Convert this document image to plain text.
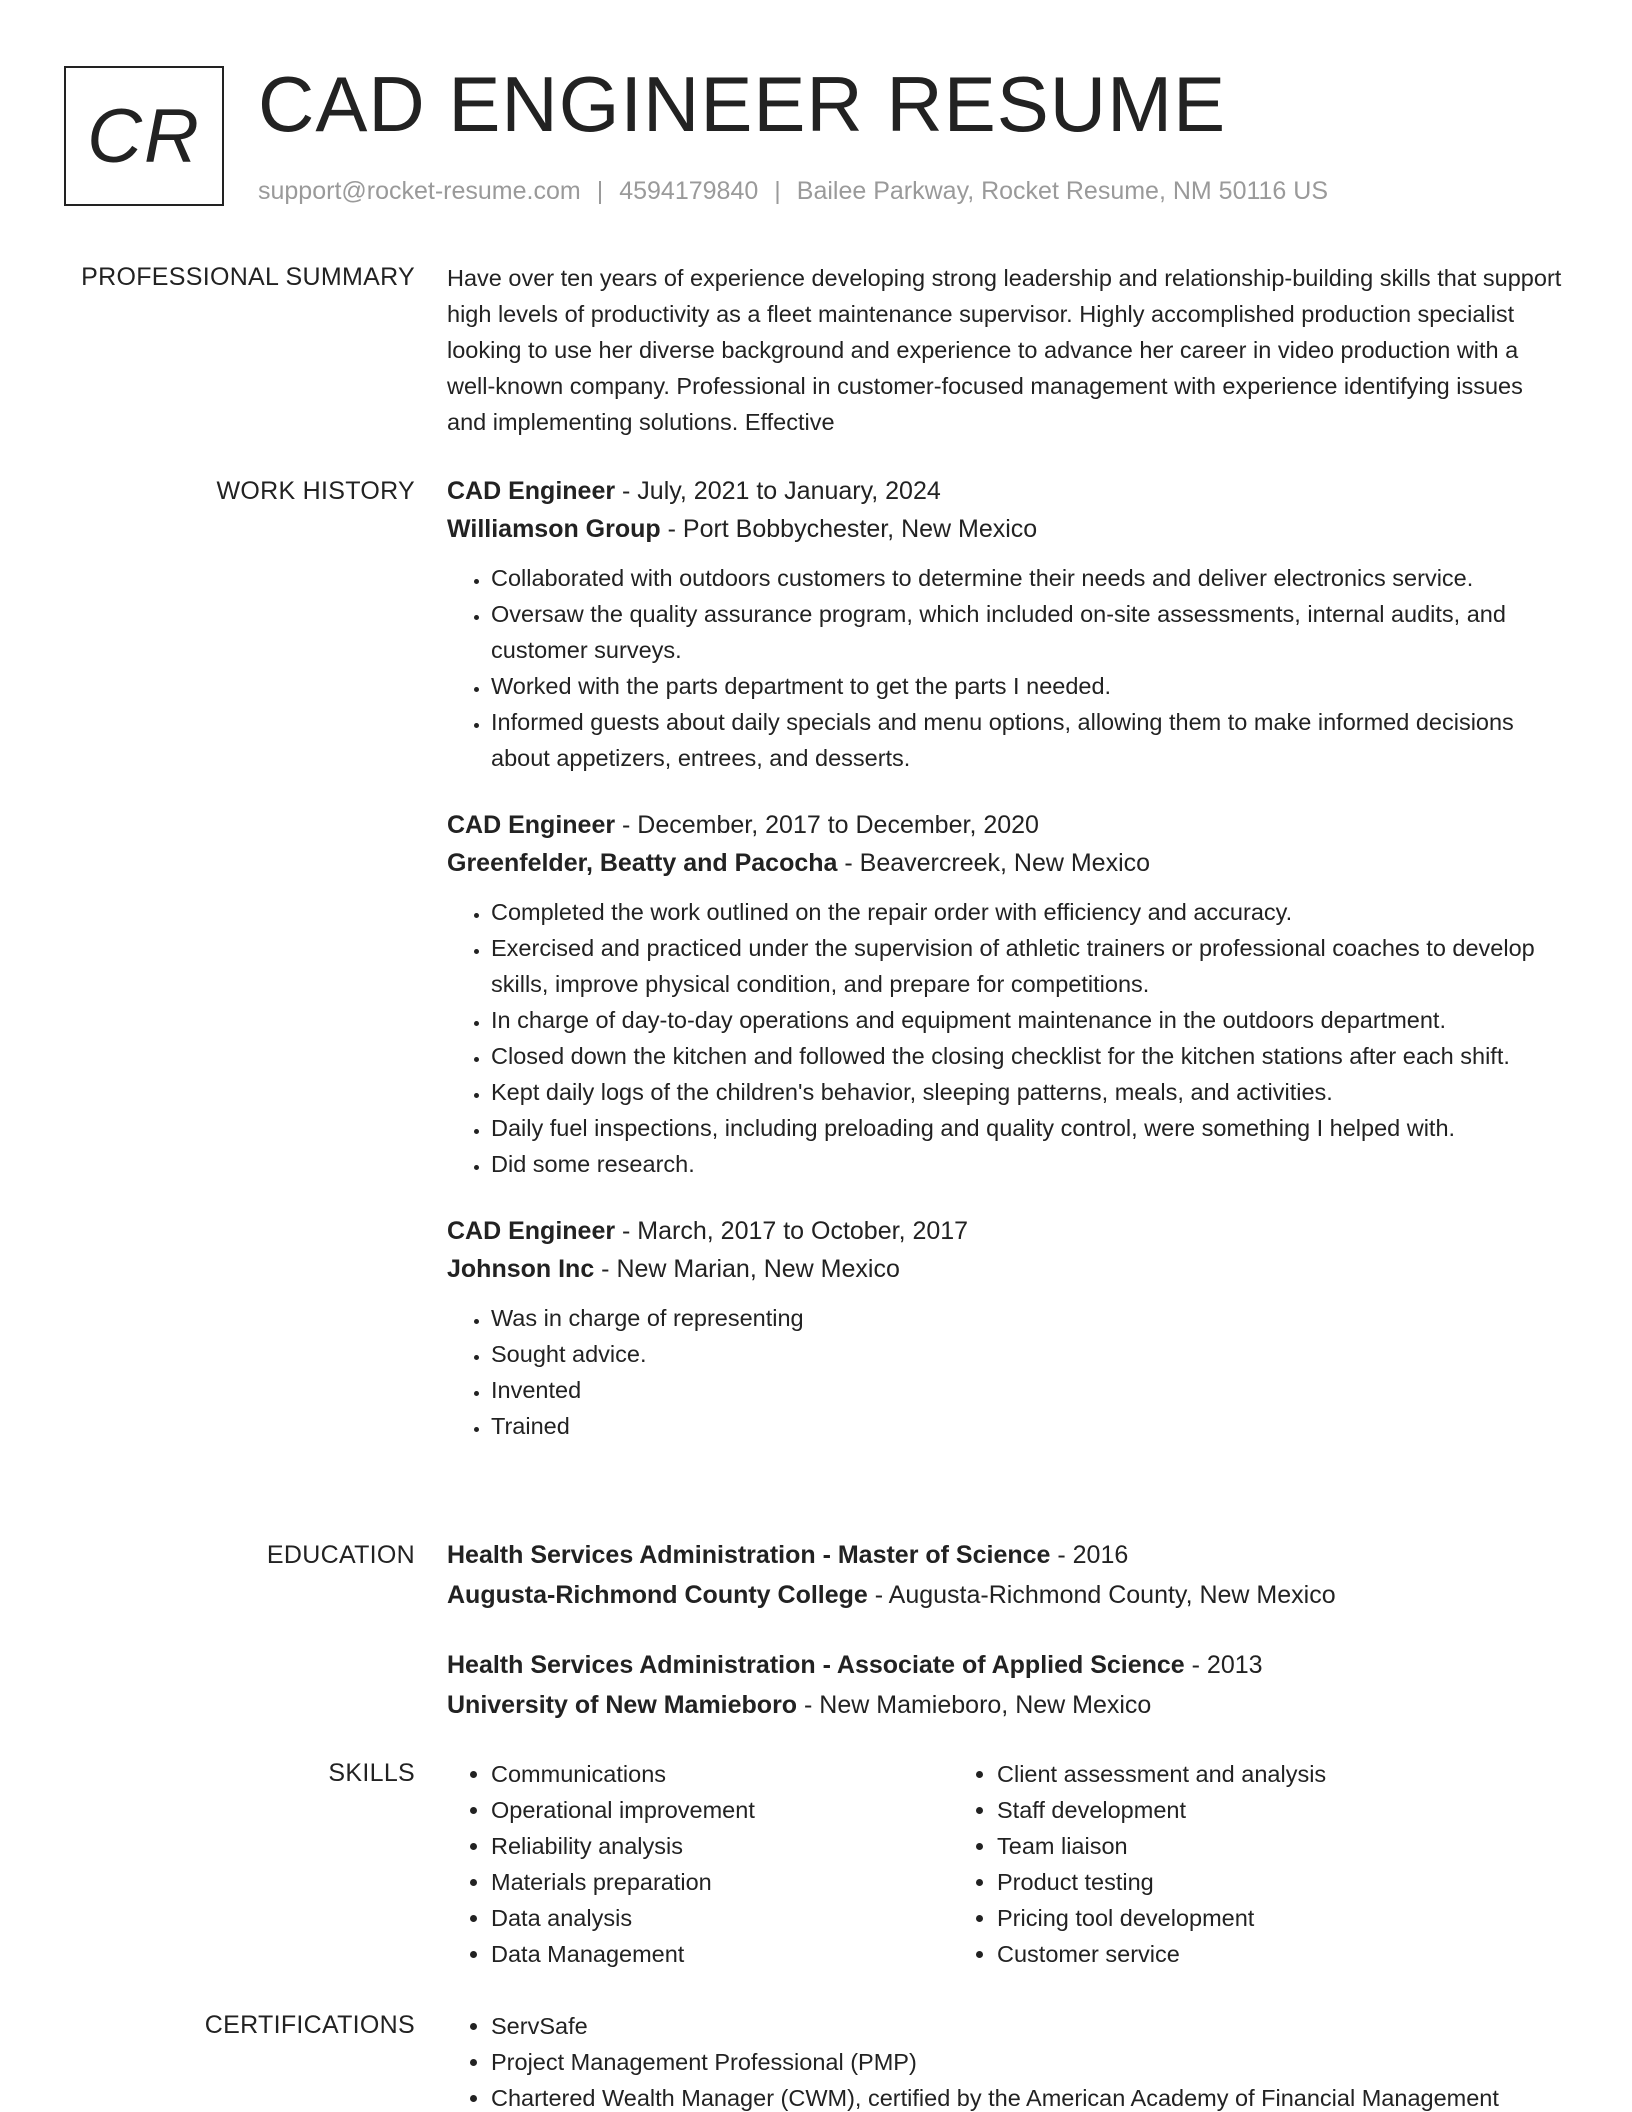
CR CAD ENGINEER RESUME
support@rocket-resume.com | 4594179840 | Bailee Parkway, Rocket Resume, NM 50116 US
PROFESSIONAL SUMMARY Have over ten years of experience developing strong leadership and relationship-building skills that support high levels of productivity as a fleet maintenance supervisor. Highly accomplished production specialist looking to use her diverse background and experience to advance her career in video production with a well-known company. Professional in customer-focused management with experience identifying issues and implementing solutions. Effective

WORK HISTORY CAD Engineer - July, 2021 to January, 2024
Williamson Group - Port Bobbychester, New Mexico
• Collaborated with outdoors customers to determine their needs and deliver electronics service.
• Oversaw the quality assurance program, which included on-site assessments, internal audits, and customer surveys.
• Worked with the parts department to get the parts I needed.
• Informed guests about daily specials and menu options, allowing them to make informed decisions about appetizers, entrees, and desserts.
CAD Engineer - December, 2017 to December, 2020
Greenfelder, Beatty and Pacocha - Beavercreek, New Mexico
• Completed the work outlined on the repair order with efficiency and accuracy.
• Exercised and practiced under the supervision of athletic trainers or professional coaches to develop skills, improve physical condition, and prepare for competitions.
• In charge of day-to-day operations and equipment maintenance in the outdoors department.
• Closed down the kitchen and followed the closing checklist for the kitchen stations after each shift.
• Kept daily logs of the children's behavior, sleeping patterns, meals, and activities.
• Daily fuel inspections, including preloading and quality control, were something I helped with.
• Did some research.
CAD Engineer - March, 2017 to October, 2017
Johnson Inc - New Marian, New Mexico
• Was in charge of representing
• Sought advice.
• Invented
• Trained
EDUCATION Health Services Administration - Master of Science - 2016
Augusta-Richmond County College - Augusta-Richmond County, New Mexico
Health Services Administration - Associate of Applied Science - 2013
University of New Mamieboro - New Mamieboro, New Mexico
SKILLS	• Communications
• Operational improvement
• Reliability analysis
• Materials preparation
• Data analysis
• Data Management
• Client assessment and analysis
• Staff development
• Team liaison
• Product testing
• Pricing tool development
• Customer service
CERTIFICATIONS	• ServSafe
• Project Management Professional (PMP)
• Chartered Wealth Manager (CWM), certified by the American Academy of Financial Management
